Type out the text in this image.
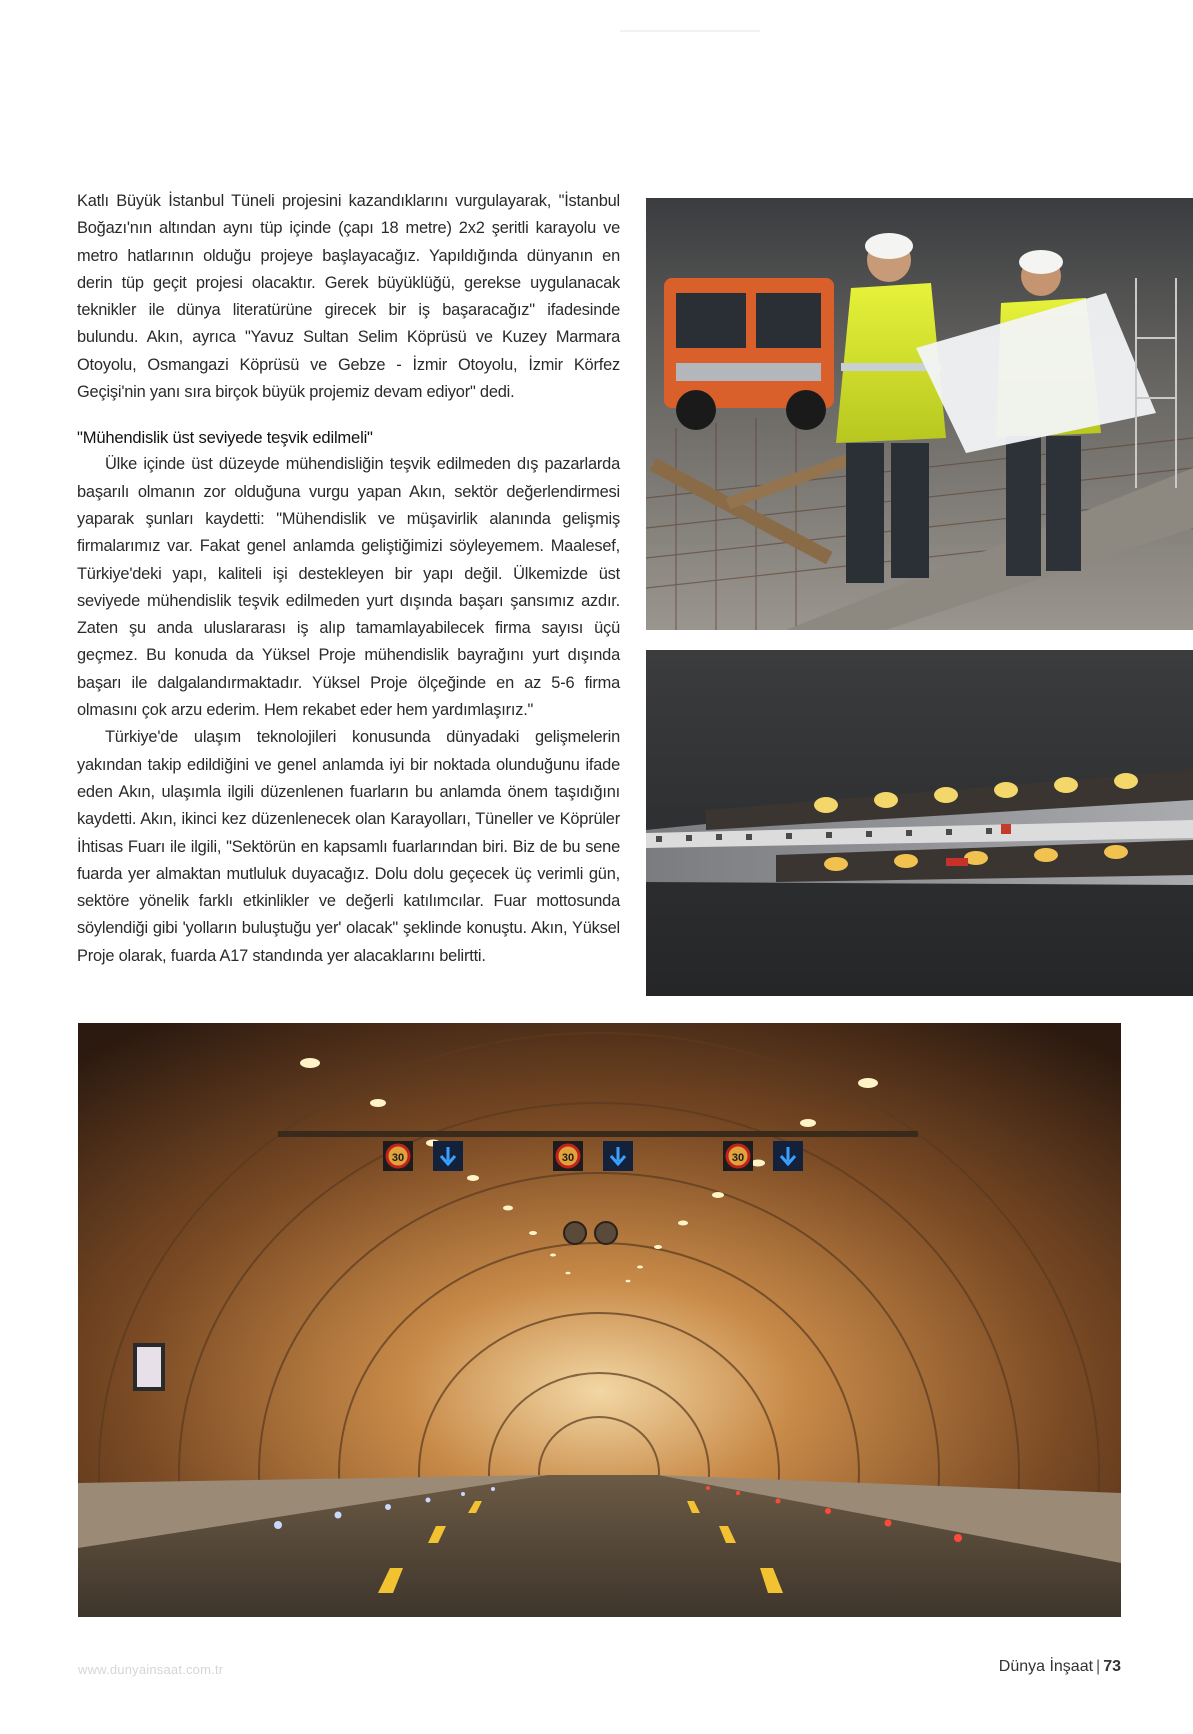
Katlı Büyük İstanbul Tüneli projesini kazandıklarını vurgulayarak, "İstanbul Boğazı'nın altından aynı tüp içinde (çapı 18 metre) 2x2 şeritli karayolu ve metro hatlarının olduğu projeye başlayacağız. Yapıldığında dünyanın en derin tüp geçit projesi olacaktır. Gerek büyüklüğü, gerekse uygulanacak teknikler ile dünya literatürüne girecek bir iş başaracağız" ifadesinde bulundu. Akın, ayrıca "Yavuz Sultan Selim Köprüsü ve Kuzey Marmara Otoyolu, Osmangazi Köprüsü ve Gebze - İzmir Otoyolu, İzmir Körfez Geçişi'nin yanı sıra birçok büyük projemiz devam ediyor" dedi.

"Mühendislik üst seviyede teşvik edilmeli"

Ülke içinde üst düzeyde mühendisliğin teşvik edilmeden dış pazarlarda başarılı olmanın zor olduğuna vurgu yapan Akın, sektör değerlendirmesi yaparak şunları kaydetti: "Mühendislik ve müşavirlik alanında gelişmiş firmalarımız var. Fakat genel anlamda geliştiğimizi söyleyemem. Maalesef, Türkiye'deki yapı, kaliteli işi destekleyen bir yapı değil. Ülkemizde üst seviyede mühendislik teşvik edilmeden yurt dışında başarı şansımız azdır. Zaten şu anda uluslararası iş alıp tamamlayabilecek firma sayısı üçü geçmez. Bu konuda da Yüksel Proje mühendislik bayrağını yurt dışında başarı ile dalgalandırmaktadır. Yüksel Proje ölçeğinde en az 5-6 firma olmasını çok arzu ederim. Hem rekabet eder hem yardımlaşırız."

Türkiye'de ulaşım teknolojileri konusunda dünyadaki gelişmelerin yakından takip edildiğini ve genel anlamda iyi bir noktada olunduğunu ifade eden Akın, ulaşımla ilgili düzenlenen fuarların bu anlamda önem taşıdığını kaydetti. Akın, ikinci kez düzenlenecek olan Karayolları, Tüneller ve Köprüler İhtisas Fuarı ile ilgili, "Sektörün en kapsamlı fuarlarından biri. Biz de bu sene fuarda yer almaktan mutluluk duyacağız. Dolu dolu geçecek üç verimli gün, sektöre yönelik farklı etkinlikler ve değerli katılımcılar. Fuar mottosunda söylendiği gibi 'yolların buluştuğu yer' olacak" şeklinde konuştu. Akın, Yüksel Proje olarak, fuarda A17 standında yer alacaklarını belirtti.

30	30	30
www.dunyainsaat.com.tr	Dünya İnşaat | 73
